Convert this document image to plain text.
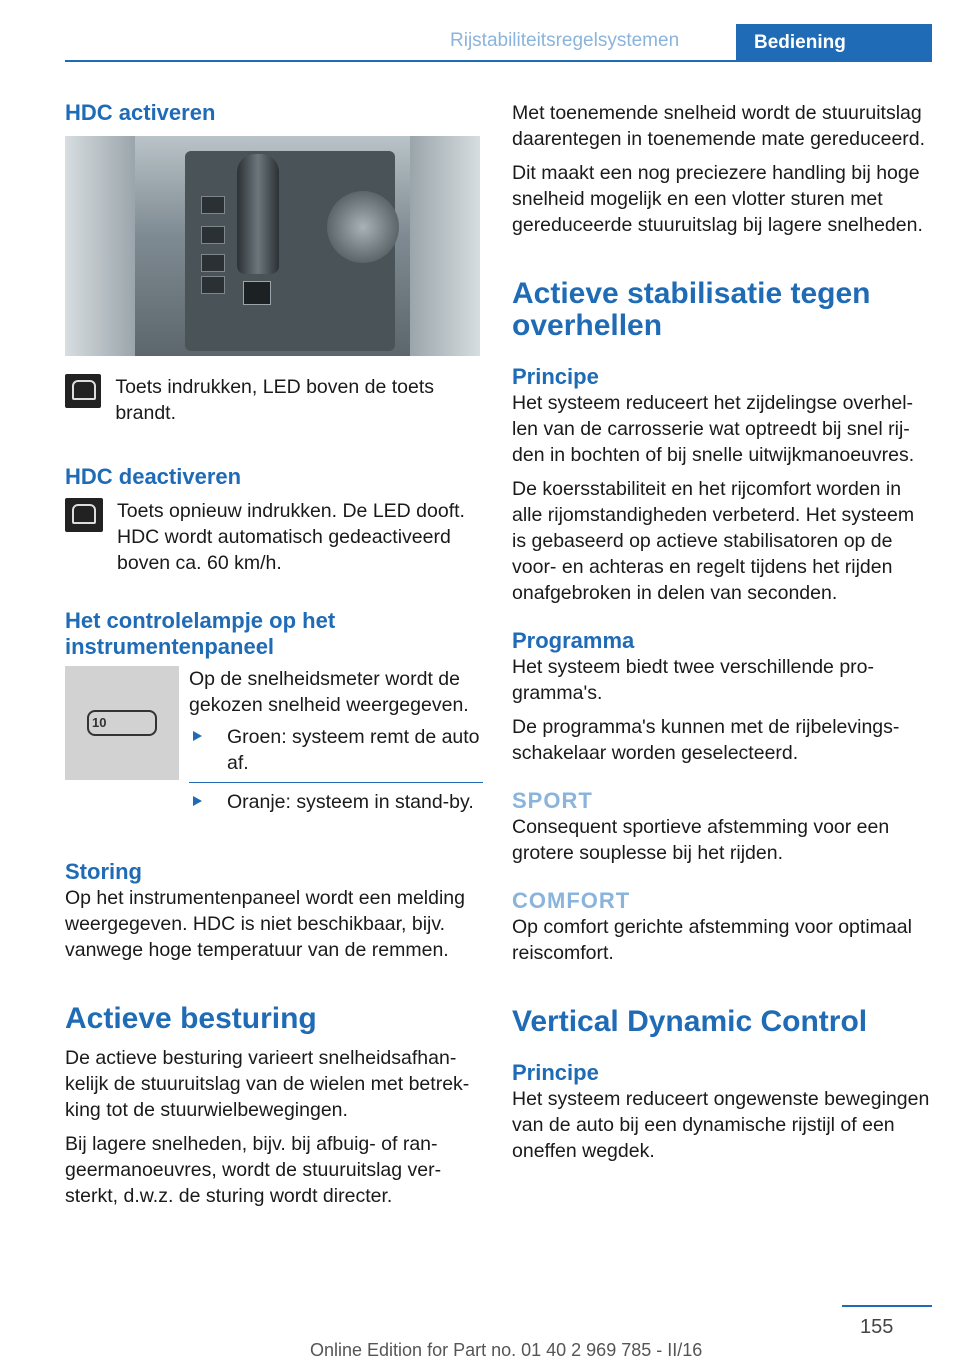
Rijstabiliteitsregelsystemen	Bediening
HDC activeren

Toets indrukken, LED boven de toets brandt.

HDC deactiveren

Toets opnieuw indrukken. De LED dooft. HDC wordt automatisch gedeactiveerd boven ca. 60 km/h.

Het controlelampje op het instrumentenpaneel
10

Op de snelheidsmeter wordt de gekozen snelheid weergegeven.

Groen: systeem remt de auto af.
Oranje: systeem in stand-by.
Storing

Op het instrumentenpaneel wordt een melding weergegeven. HDC is niet beschikbaar, bijv. vanwege hoge temperatuur van de remmen.

Actieve besturing

De actieve besturing varieert snelheidsafhankelijk de stuuruitslag van de wielen met betrekking tot de stuurwielbewegingen.

Bij lagere snelheden, bijv. bij afbuig- of rangeermanoeuvres, wordt de stuuruitslag versterkt, d.w.z. de sturing wordt directer.

Met toenemende snelheid wordt de stuuruitslag daarentegen in toenemende mate gereduceerd.

Dit maakt een nog preciezere handling bij hoge snelheid mogelijk en een vlotter sturen met gereduceerde stuuruitslag bij lagere snelheden.

Actieve stabilisatie tegen overhellen
Principe

Het systeem reduceert het zijdelingse overhellen van de carrosserie wat optreedt bij snel rijden in bochten of bij snelle uitwijkmanoeuvres.

De koersstabiliteit en het rijcomfort worden in alle rijomstandigheden verbeterd. Het systeem is gebaseerd op actieve stabilisatoren op de voor- en achteras en regelt tijdens het rijden onafgebroken in delen van seconden.

Programma

Het systeem biedt twee verschillende programma's.

De programma's kunnen met de rijbelevingsschakelaar worden geselecteerd.

SPORT

Consequent sportieve afstemming voor een grotere souplesse bij het rijden.

COMFORT

Op comfort gerichte afstemming voor optimaal reiscomfort.

Vertical Dynamic Control
Principe

Het systeem reduceert ongewenste bewegingen van de auto bij een dynamische rijstijl of een oneffen wegdek.

155
Online Edition for Part no. 01 40 2 969 785 - II/16
